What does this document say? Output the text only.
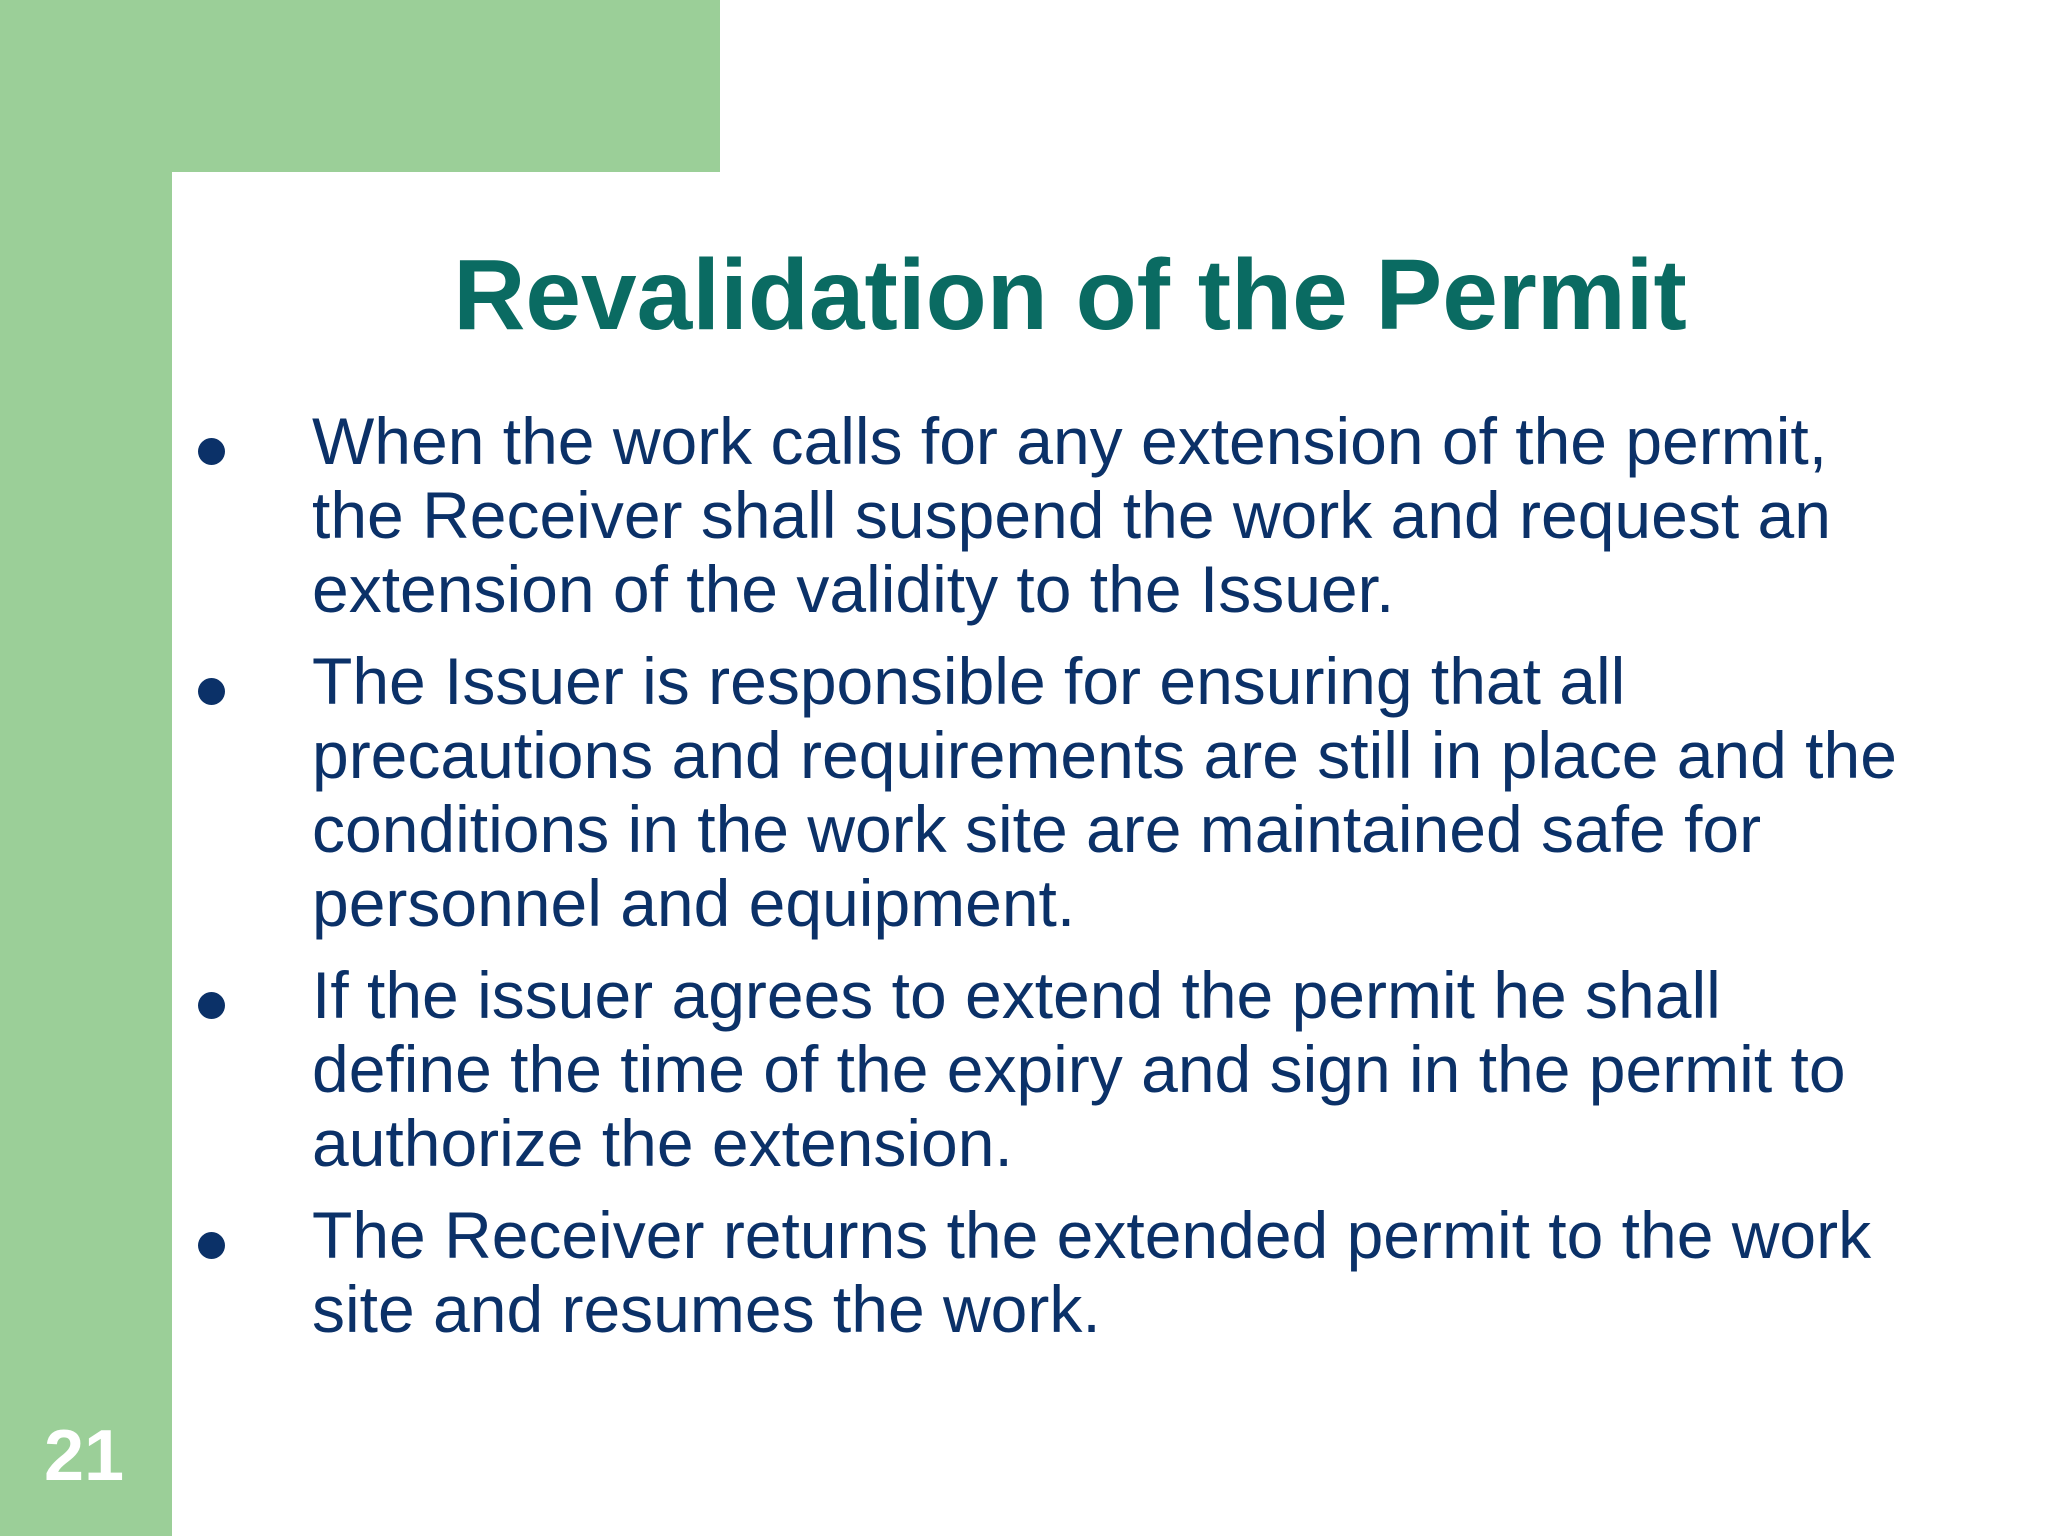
Revalidation of the Permit
When the work calls for any extension of the permit, the Receiver shall suspend the work and request an extension of the validity to the Issuer.
The Issuer is responsible for ensuring that all precautions and requirements are still in place and the conditions in the work site are maintained safe for personnel and equipment.
If the issuer agrees to extend the permit he shall define the time of the expiry and sign in the permit to authorize the extension.
The Receiver returns the extended permit to the work site and resumes the work.
21
